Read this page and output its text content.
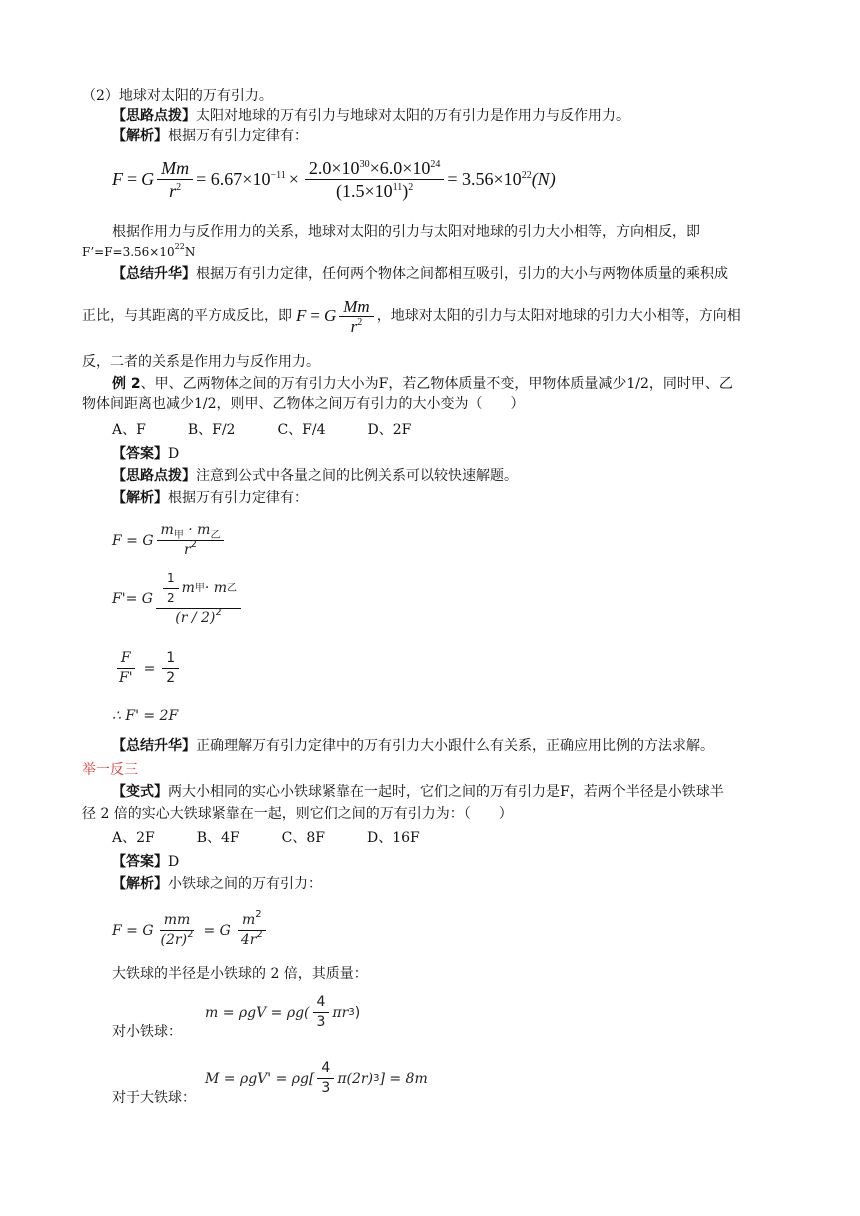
（2）地球对太阳的万有引力。
【思路点拨】太阳对地球的万有引力与地球对太阳的万有引力是作用力与反作用力。
【解析】根据万有引力定律有：
F = G $\frac{Mm}{r^2} = 6.67\times 10^{-11} \times \frac{2.0\times 10^{30}\times 6.0\times 10^{24}}{(1.5\times 10^{11})^2} = 3.56\times 10^{22}(N)$
根据作用力与反作用力的关系，地球对太阳的引力与太阳对地球的引力大小相等，方向相反，即
$F’=F=3.56\times 10^{22}N$
【总结升华】根据万有引力定律，任何两个物体之间都相互吸引，引力的大小与两物体质量的乘积成
正比，与其距离的平方成反比，即 F = G $\frac{Mm}{r^2}$ ，地球对太阳的引力与太阳对地球的引力大小相等，方向相
反，二者的关系是作用力与反作用力。
例 2、甲、乙两物体之间的万有引力大小为F，若乙物体质量不变，甲物体质量减少1/2，同时甲、乙
物体间距离也减少1/2，则甲、乙物体之间万有引力的大小变为（　　）
A、F　　　B、F/2　　　C、F/4　　　D、2F
【答案】D
【思路点拨】注意到公式中各量之间的比例关系可以较快速解题。
【解析】根据万有引力定律有：
F = G $\frac{m_甲 \cdot m_乙}{r^2}$
F'= G $\frac{\frac{1}{2} m 甲 \cdot m 乙}{(r / 2)^2}$
$\frac{F}{F'} = \frac{1}{2}$
∴ F' = 2F
【总结升华】正确理解万有引力定律中的万有引力大小跟什么有关系，正确应用比例的方法求解。
举一反三
【变式】两大小相同的实心小铁球紧靠在一起时，它们之间的万有引力是F，若两个半径是小铁球半
径 2 倍的实心大铁球紧靠在一起，则它们之间的万有引力为：（　　）
A、2F　　　B、4F　　　C、8F　　　D、16F
【答案】D
【解析】小铁球之间的万有引力：
F = G $\frac{mm}{(2r)^2} = G \frac{m^2}{4r^2}$
大铁球的半径是小铁球的 2 倍，其质量：
$m = \rho gV = \rho g( \frac{4}{3}$ πr 3 )
对小铁球：
$M = \rho gV' = \rho g[ \frac{4}{3} \pi(2r)$ 3 ] = 8m
对于大铁球：
